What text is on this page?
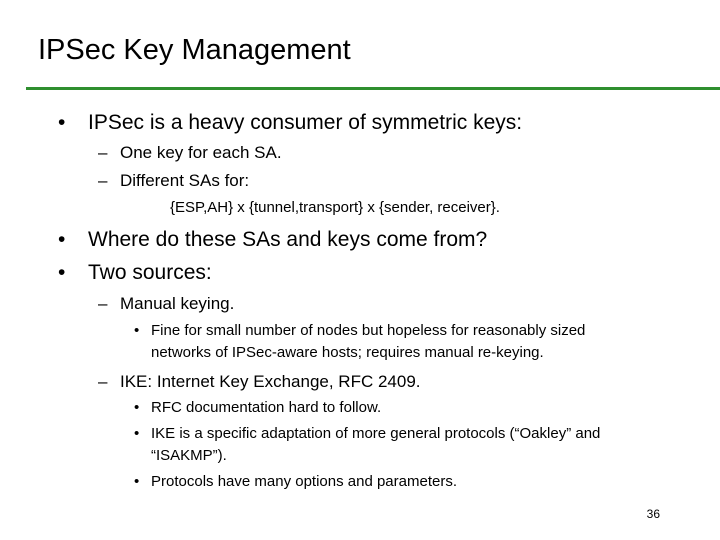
IPSec Key Management
• IPSec is a heavy consumer of symmetric keys:
– One key for each SA.
– Different SAs for:
{ESP,AH} x {tunnel,transport} x {sender, receiver}.
• Where do these SAs and keys come from?
• Two sources:
– Manual keying.
• Fine for small number of nodes but hopeless for reasonably sized
networks of IPSec-aware hosts; requires manual re-keying.
– IKE: Internet Key Exchange, RFC 2409.
• RFC documentation hard to follow.
• IKE is a specific adaptation of more general protocols (“Oakley” and
“ISAKMP”).
• Protocols have many options and parameters.
36
